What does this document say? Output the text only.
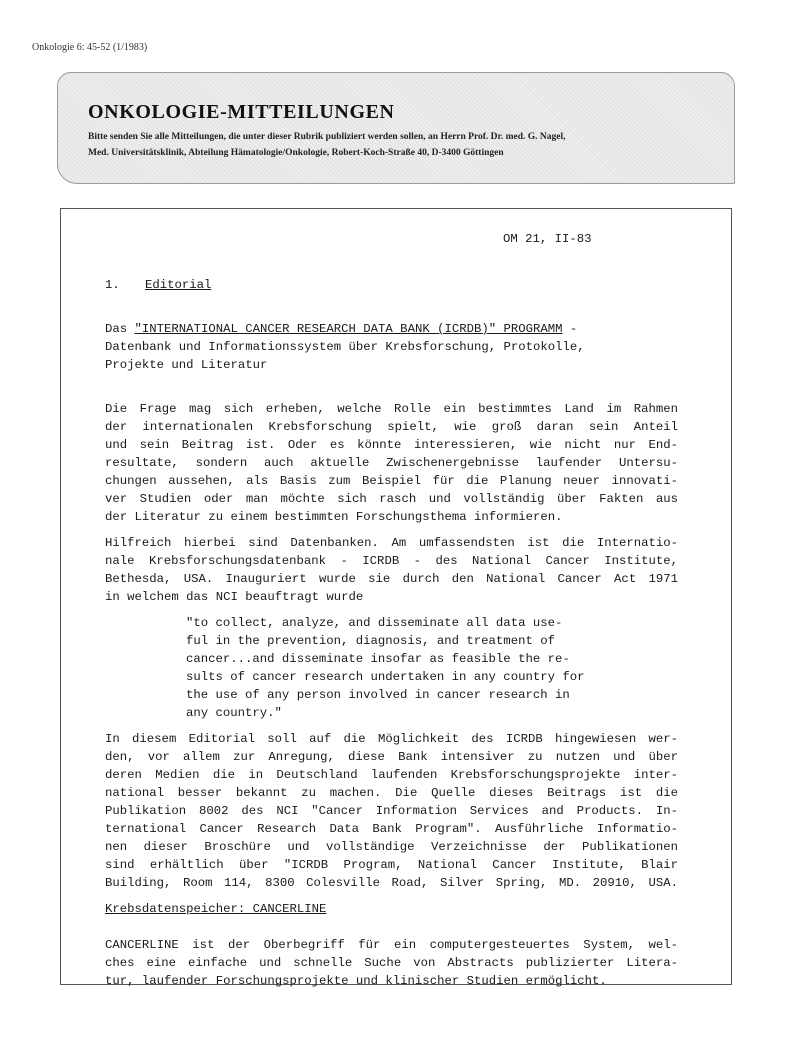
Onkologie 6: 45-52 (1/1983)
ONKOLOGIE-MITTEILUNGEN
Bitte senden Sie alle Mitteilungen, die unter dieser Rubrik publiziert werden sollen, an Herrn Prof. Dr. med. G. Nagel,
Med. Universitätsklinik, Abteilung Hämatologie/Onkologie, Robert-Koch-Straße 40, D-3400 Göttingen
OM 21, II-83
1. Editorial
Das "INTERNATIONAL CANCER RESEARCH DATA BANK (ICRDB)" PROGRAMM -
Datenbank und Informationssystem über Krebsforschung, Protokolle,
Projekte und Literatur
Die Frage mag sich erheben, welche Rolle ein bestimmtes Land im Rahmen
der internationalen Krebsforschung spielt, wie groß daran sein Anteil
und sein Beitrag ist. Oder es könnte interessieren, wie nicht nur End-
resultate, sondern auch aktuelle Zwischenergebnisse laufender Untersu-
chungen aussehen, als Basis zum Beispiel für die Planung neuer innovati-
ver Studien oder man möchte sich rasch und vollständig über Fakten aus
der Literatur zu einem bestimmten Forschungsthema informieren.
Hilfreich hierbei sind Datenbanken. Am umfassendsten ist die Internatio-
nale Krebsforschungsdatenbank - ICRDB - des National Cancer Institute,
Bethesda, USA. Inauguriert wurde sie durch den National Cancer Act 1971
in welchem das NCI beauftragt wurde
"to collect, analyze, and disseminate all data use-
ful in the prevention, diagnosis, and treatment of
cancer...and disseminate insofar as feasible the re-
sults of cancer research undertaken in any country for
the use of any person involved in cancer research in
any country."
In diesem Editorial soll auf die Möglichkeit des ICRDB hingewiesen wer-
den, vor allem zur Anregung, diese Bank intensiver zu nutzen und über
deren Medien die in Deutschland laufenden Krebsforschungsprojekte inter-
national besser bekannt zu machen. Die Quelle dieses Beitrags ist die
Publikation 8002 des NCI "Cancer Information Services and Products. In-
ternational Cancer Research Data Bank Program". Ausführliche Informatio-
nen dieser Broschüre und vollständige Verzeichnisse der Publikationen
sind erhältlich über "ICRDB Program, National Cancer Institute, Blair
Building, Room 114, 8300 Colesville Road, Silver Spring, MD. 20910, USA.
Krebsdatenspeicher: CANCERLINE
CANCERLINE ist der Oberbegriff für ein computergesteuertes System, wel-
ches eine einfache und schnelle Suche von Abstracts publizierter Litera-
tur, laufender Forschungsprojekte und klinischer Studien ermöglicht.
